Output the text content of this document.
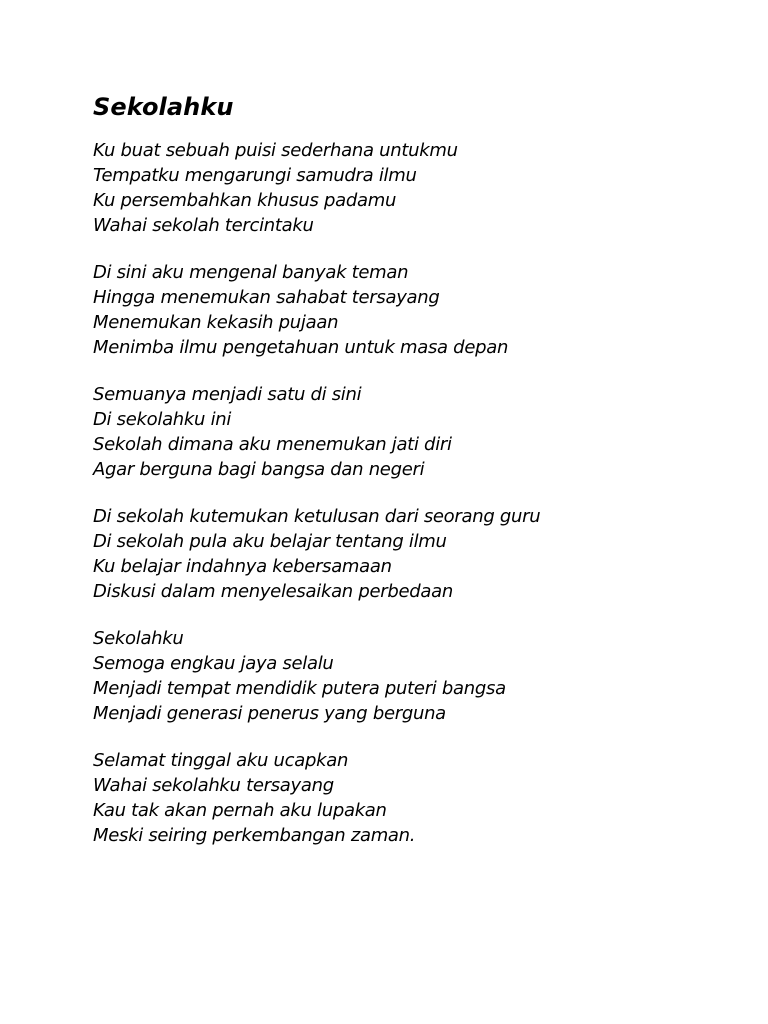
Sekolahku
Ku buat sebuah puisi sederhana untukmu
Tempatku mengarungi samudra ilmu
Ku persembahkan khusus padamu
Wahai sekolah tercintaku
Di sini aku mengenal banyak teman
Hingga menemukan sahabat tersayang
Menemukan kekasih pujaan
Menimba ilmu pengetahuan untuk masa depan
Semuanya menjadi satu di sini
Di sekolahku ini
Sekolah dimana aku menemukan jati diri
Agar berguna bagi bangsa dan negeri
Di sekolah kutemukan ketulusan dari seorang guru
Di sekolah pula aku belajar tentang ilmu
Ku belajar indahnya kebersamaan
Diskusi dalam menyelesaikan perbedaan
Sekolahku
Semoga engkau jaya selalu
Menjadi tempat mendidik putera puteri bangsa
Menjadi generasi penerus yang berguna
Selamat tinggal aku ucapkan
Wahai sekolahku tersayang
Kau tak akan pernah aku lupakan
Meski seiring perkembangan zaman.
